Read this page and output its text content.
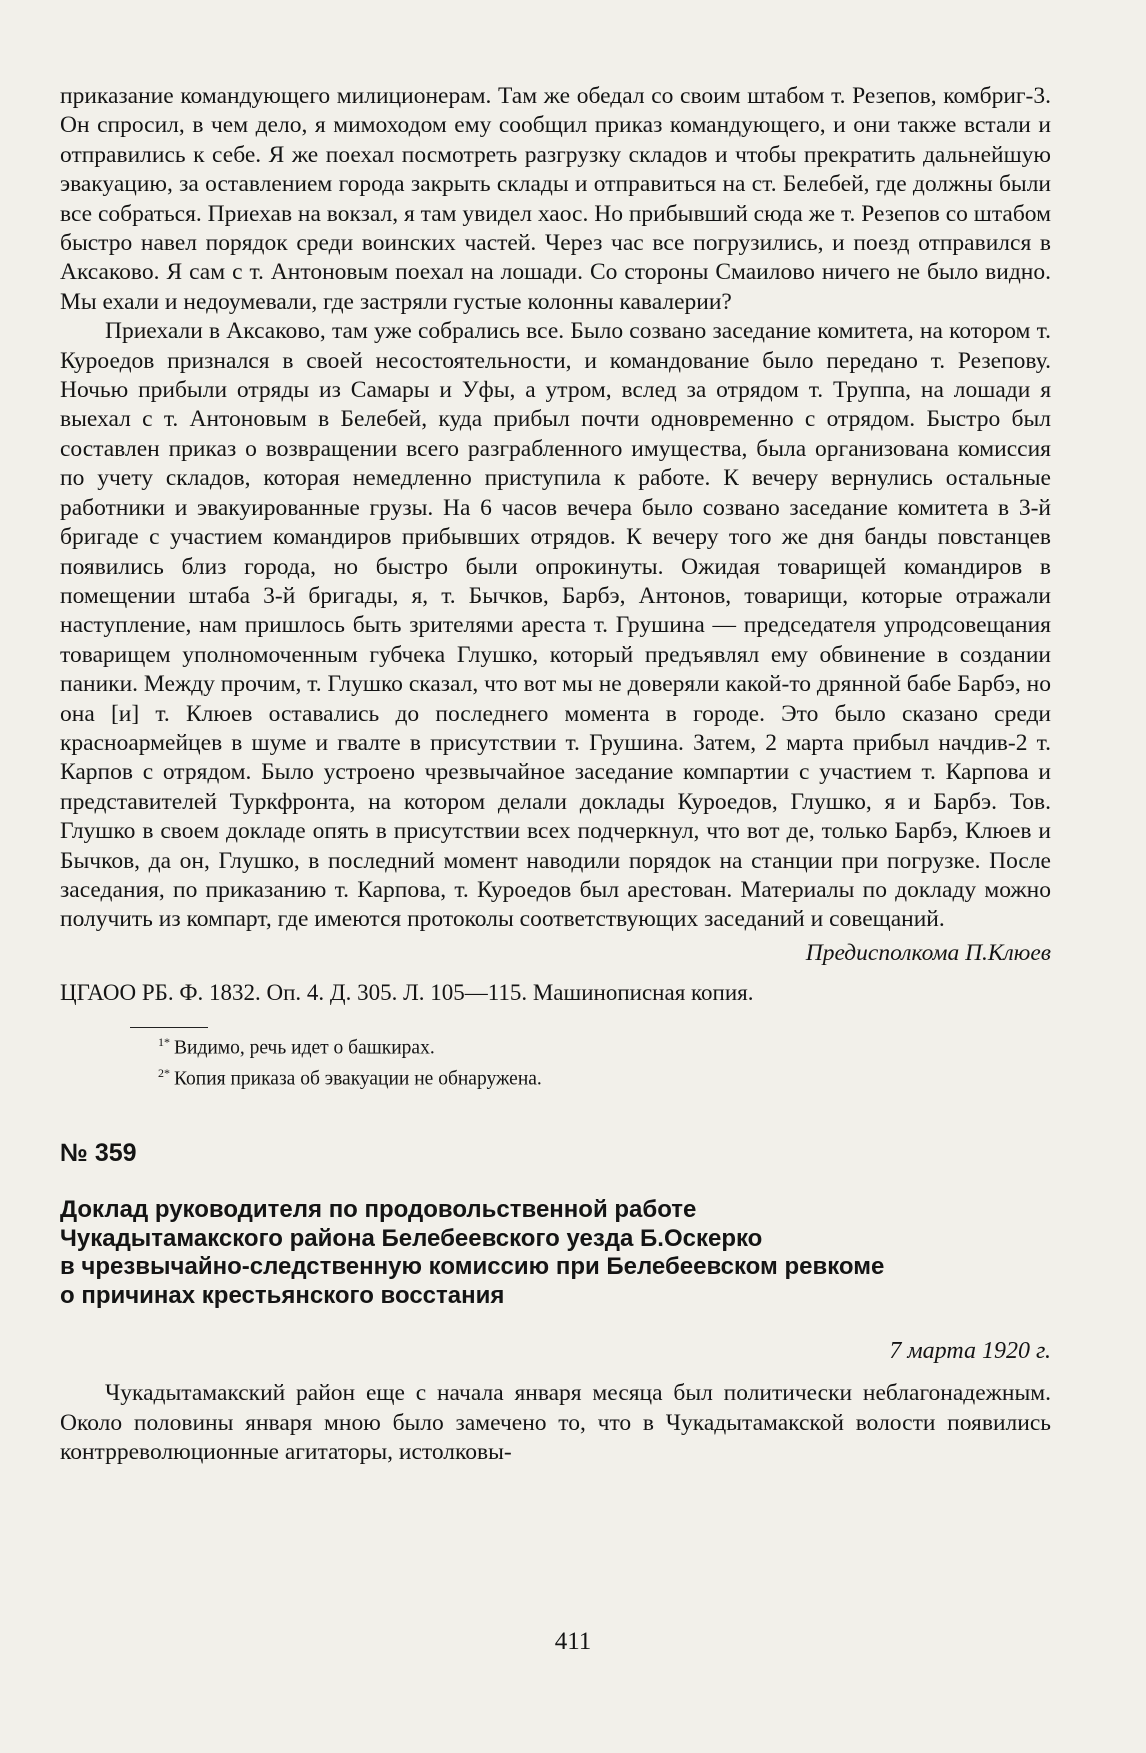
приказание командующего милиционерам. Там же обедал со своим штабом т. Резепов, комбриг-3. Он спросил, в чем дело, я мимоходом ему сообщил приказ командующего, и они также встали и отправились к себе. Я же поехал посмотреть разгрузку складов и чтобы прекратить дальнейшую эвакуацию, за оставлением города закрыть склады и отправиться на ст. Белебей, где должны были все собраться. Приехав на вокзал, я там увидел хаос. Но прибывший сюда же т. Резепов со штабом быстро навел порядок среди воинских частей. Через час все погрузились, и поезд отправился в Аксаково. Я сам с т. Антоновым поехал на лошади. Со стороны Смаилово ничего не было видно. Мы ехали и недоумевали, где застряли густые колонны кавалерии?

Приехали в Аксаково, там уже собрались все. Было созвано заседание комитета, на котором т. Куроедов признался в своей несостоятельности, и командование было передано т. Резепову. Ночью прибыли отряды из Самары и Уфы, а утром, вслед за отрядом т. Труппа, на лошади я выехал с т. Антоновым в Белебей, куда прибыл почти одновременно с отрядом. Быстро был составлен приказ о возвращении всего разграбленного имущества, была организована комиссия по учету складов, которая немедленно приступила к работе. К вечеру вернулись остальные работники и эвакуированные грузы. На 6 часов вечера было созвано заседание комитета в 3-й бригаде с участием командиров прибывших отрядов. К вечеру того же дня банды повстанцев появились близ города, но быстро были опрокинуты. Ожидая товарищей командиров в помещении штаба 3-й бригады, я, т. Бычков, Барбэ, Антонов, товарищи, которые отражали наступление, нам пришлось быть зрителями ареста т. Грушина — председателя упродсовещания товарищем уполномоченным губчека Глушко, который предъявлял ему обвинение в создании паники. Между прочим, т. Глушко сказал, что вот мы не доверяли какой-то дрянной бабе Барбэ, но она [и] т. Клюев оставались до последнего момента в городе. Это было сказано среди красноармейцев в шуме и гвалте в присутствии т. Грушина. Затем, 2 марта прибыл начдив-2 т. Карпов с отрядом. Было устроено чрезвычайное заседание компартии с участием т. Карпова и представителей Туркфронта, на котором делали доклады Куроедов, Глушко, я и Барбэ. Тов. Глушко в своем докладе опять в присутствии всех подчеркнул, что вот де, только Барбэ, Клюев и Бычков, да он, Глушко, в последний момент наводили порядок на станции при погрузке. После заседания, по приказанию т. Карпова, т. Куроедов был арестован. Материалы по докладу можно получить из компарт, где имеются протоколы соответствующих заседаний и совещаний.

Предисполкома П.Клюев

ЦГАОО РБ. Ф. 1832. Оп. 4. Д. 305. Л. 105—115. Машинописная копия.

$^{1*}$ Видимо, речь идет о башкирах.
$^{2*}$ Копия приказа об эвакуации не обнаружена.
№ 359
Доклад руководителя по продовольственной работе
Чукадытамакского района Белебеевского уезда Б.Оскерко
в чрезвычайно-следственную комиссию при Белебеевском ревкоме
о причинах крестьянского восстания
7 марта 1920 г.

Чукадытамакский район еще с начала января месяца был политически неблагонадежным. Около половины января мною было замечено то, что в Чукадытамакской волости появились контрреволюционные агитаторы, истолковы-

411
